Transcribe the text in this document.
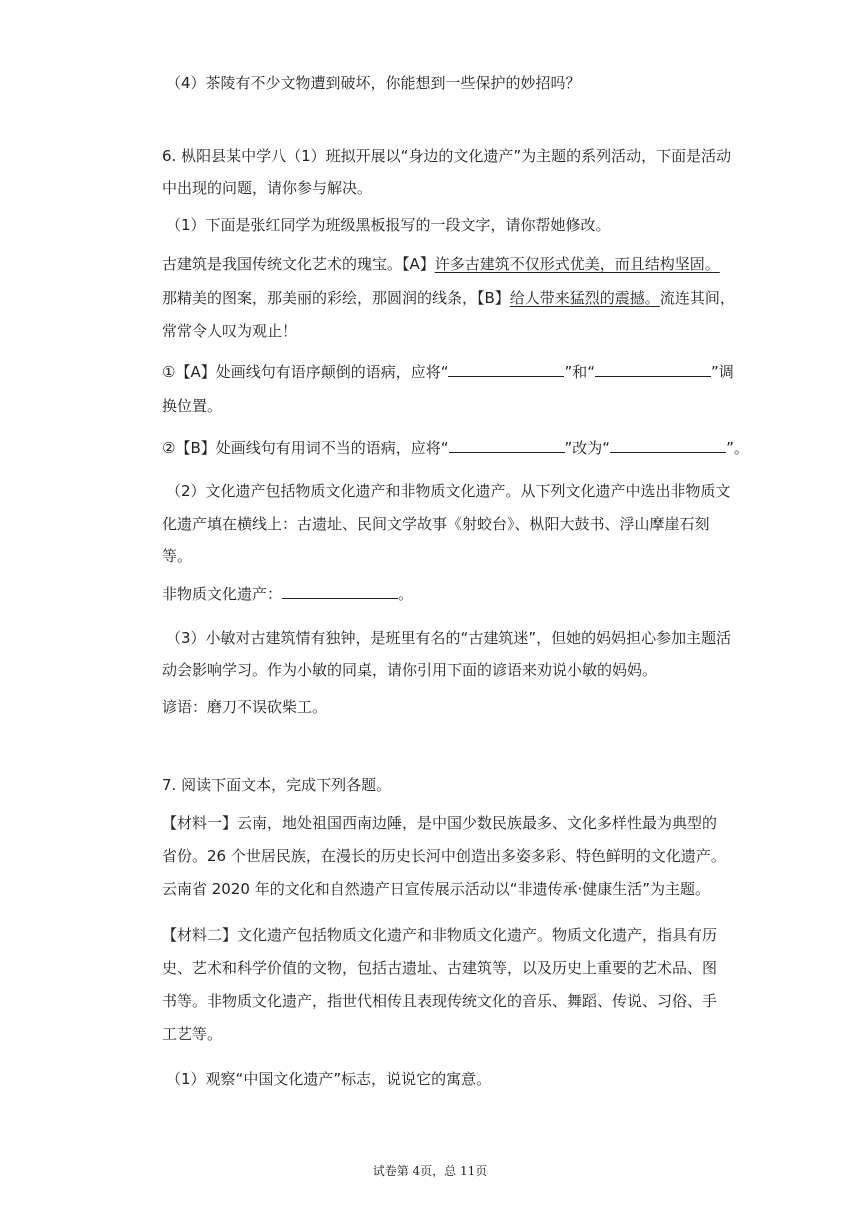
（4）茶陵有不少文物遭到破坏，你能想到一些保护的妙招吗？
6. 枞阳县某中学八（1）班拟开展以“身边的文化遗产”为主题的系列活动，下面是活动
中出现的问题，请你参与解决。
（1）下面是张红同学为班级黑板报写的一段文字，请你帮她修改。
古建筑是我国传统文化艺术的瑰宝。【A】许多古建筑不仅形式优美，而且结构坚固。
那精美的图案，那美丽的彩绘，那圆润的线条，【B】给人带来猛烈的震撼。流连其间，
常常令人叹为观止！
①【A】处画线句有语序颠倒的语病，应将“	”和“	”调
换位置。
②【B】处画线句有用词不当的语病，应将“	”改为“	”。
（2）文化遗产包括物质文化遗产和非物质文化遗产。从下列文化遗产中选出非物质文
化遗产填在横线上：古遗址、民间文学故事《射蛟台》、枞阳大鼓书、浮山摩崖石刻
等。
非物质文化遗产：	。
（3）小敏对古建筑情有独钟，是班里有名的“古建筑迷”，但她的妈妈担心参加主题活
动会影响学习。作为小敏的同桌，请你引用下面的谚语来劝说小敏的妈妈。
谚语：磨刀不误砍柴工。
7. 阅读下面文本，完成下列各题。
【材料一】云南，地处祖国西南边陲，是中国少数民族最多、文化多样性最为典型的
省份。26 个世居民族，在漫长的历史长河中创造出多姿多彩、特色鲜明的文化遗产。
云南省 2020 年的文化和自然遗产日宣传展示活动以“非遗传承·健康生活”为主题。
【材料二】文化遗产包括物质文化遗产和非物质文化遗产。物质文化遗产，指具有历
史、艺术和科学价值的文物，包括古遗址、古建筑等，以及历史上重要的艺术品、图
书等。非物质文化遗产，指世代相传且表现传统文化的音乐、舞蹈、传说、习俗、手
工艺等。
（1）观察“中国文化遗产”标志，说说它的寓意。
试卷第 4页，总 11页
